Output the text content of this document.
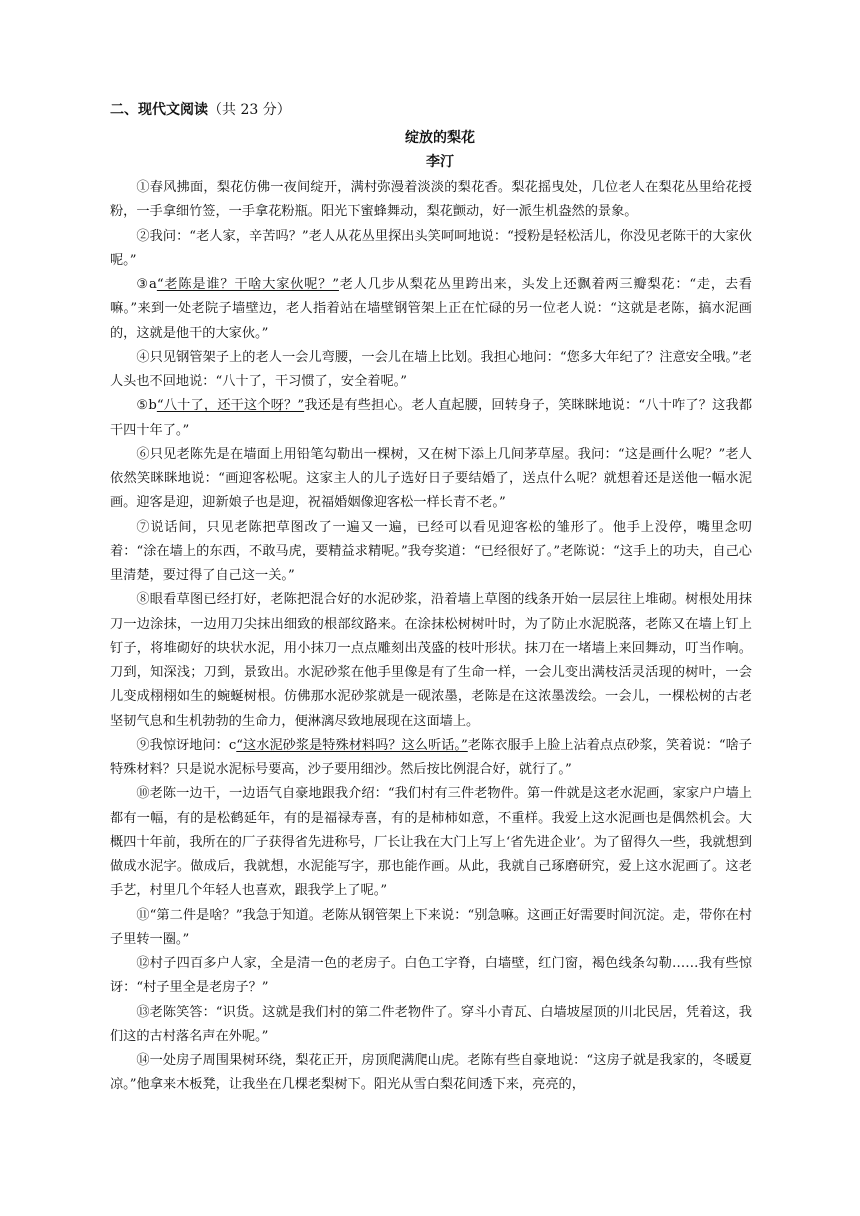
二、现代文阅读（共 23 分）
绽放的梨花
李汀

①春风拂面，梨花仿佛一夜间绽开，满村弥漫着淡淡的梨花香。梨花摇曳处，几位老人在梨花丛里给花授粉，一手拿细竹签，一手拿花粉瓶。阳光下蜜蜂舞动，梨花颤动，好一派生机盎然的景象。

②我问：“老人家，辛苦吗？”老人从花丛里探出头笑呵呵地说：“授粉是轻松活儿，你没见老陈干的大家伙呢。”

③a“老陈是谁？干啥大家伙呢？”老人几步从梨花丛里跨出来，头发上还飘着两三瓣梨花：“走，去看嘛。”来到一处老院子墙壁边，老人指着站在墙壁钢管架上正在忙碌的另一位老人说：“这就是老陈，搞水泥画的，这就是他干的大家伙。”

④只见钢管架子上的老人一会儿弯腰，一会儿在墙上比划。我担心地问：“您多大年纪了？注意安全哦。”老人头也不回地说：“八十了，干习惯了，安全着呢。”

⑤b“八十了，还干这个呀？”我还是有些担心。老人直起腰，回转身子，笑眯眯地说：“八十咋了？这我都干四十年了。”

⑥只见老陈先是在墙面上用铅笔勾勒出一棵树，又在树下添上几间茅草屋。我问：“这是画什么呢？”老人依然笑眯眯地说：“画迎客松呢。这家主人的儿子选好日子要结婚了，送点什么呢？就想着还是送他一幅水泥画。迎客是迎，迎新娘子也是迎，祝福婚姻像迎客松一样长青不老。”

⑦说话间，只见老陈把草图改了一遍又一遍，已经可以看见迎客松的雏形了。他手上没停，嘴里念叨着：“涂在墙上的东西，不敢马虎，要精益求精呢。”我夸奖道：“已经很好了。”老陈说：“这手上的功夫，自己心里清楚，要过得了自己这一关。”

⑧眼看草图已经打好，老陈把混合好的水泥砂浆，沿着墙上草图的线条开始一层层往上堆砌。树根处用抹刀一边涂抹，一边用刀尖抹出细致的根部纹路来。在涂抹松树树叶时，为了防止水泥脱落，老陈又在墙上钉上钉子，将堆砌好的块状水泥，用小抹刀一点点雕刻出茂盛的枝叶形状。抹刀在一堵墙上来回舞动，叮当作响。刀到，知深浅；刀到，景致出。水泥砂浆在他手里像是有了生命一样，一会儿变出满枝活灵活现的树叶，一会儿变成栩栩如生的蜿蜒树根。仿佛那水泥砂浆就是一砚浓墨，老陈是在这浓墨泼绘。一会儿，一棵松树的古老坚韧气息和生机勃勃的生命力，便淋漓尽致地展现在这面墙上。

⑨我惊讶地问：c“这水泥砂浆是特殊材料吗？这么听话。”老陈衣服手上脸上沾着点点砂浆，笑着说：“啥子特殊材料？只是说水泥标号要高，沙子要用细沙。然后按比例混合好，就行了。”

⑩老陈一边干，一边语气自豪地跟我介绍：“我们村有三件老物件。第一件就是这老水泥画，家家户户墙上都有一幅，有的是松鹤延年，有的是福禄寿喜，有的是柿柿如意，不重样。我爱上这水泥画也是偶然机会。大概四十年前，我所在的厂子获得省先进称号，厂长让我在大门上写上‘省先进企业’。为了留得久一些，我就想到做成水泥字。做成后，我就想，水泥能写字，那也能作画。从此，我就自己琢磨研究，爱上这水泥画了。这老手艺，村里几个年轻人也喜欢，跟我学上了呢。”

⑪“第二件是啥？”我急于知道。老陈从钢管架上下来说：“别急嘛。这画正好需要时间沉淀。走，带你在村子里转一圈。”

⑫村子四百多户人家，全是清一色的老房子。白色工字脊，白墙壁，红门窗，褐色线条勾勒……我有些惊讶：“村子里全是老房子？”

⑬老陈笑答：“识货。这就是我们村的第二件老物件了。穿斗小青瓦、白墙坡屋顶的川北民居，凭着这，我们这的古村落名声在外呢。”

⑭一处房子周围果树环绕，梨花正开，房顶爬满爬山虎。老陈有些自豪地说：“这房子就是我家的，冬暖夏凉。”他拿来木板凳，让我坐在几棵老梨树下。阳光从雪白梨花间透下来，亮亮的，
